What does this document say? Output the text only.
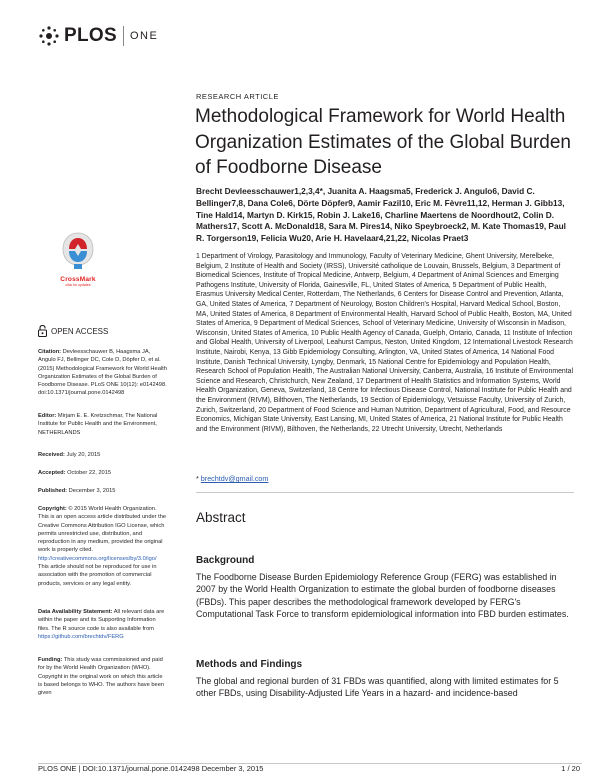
PLOS ONE
CrossMark
click for updates
RESEARCH ARTICLE
Methodological Framework for World Health Organization Estimates of the Global Burden of Foodborne Disease
Brecht Devleesschauwer1,2,3,4*, Juanita A. Haagsma5, Frederick J. Angulo6, David C. Bellinger7,8, Dana Cole6, Dörte Döpfer9, Aamir Fazil10, Eric M. Fèvre11,12, Herman J. Gibb13, Tine Hald14, Martyn D. Kirk15, Robin J. Lake16, Charline Maertens de Noordhout2, Colin D. Mathers17, Scott A. McDonald18, Sara M. Pires14, Niko Speybroeck2, M. Kate Thomas19, Paul R. Torgerson19, Felicia Wu20, Arie H. Havelaar4,21,22, Nicolas Praet3
1 Department of Virology, Parasitology and Immunology, Faculty of Veterinary Medicine, Ghent University, Merelbeke, Belgium, 2 Institute of Health and Society (IRSS), Université catholique de Louvain, Brussels, Belgium, 3 Department of Biomedical Sciences, Institute of Tropical Medicine, Antwerp, Belgium, 4 Department of Animal Sciences and Emerging Pathogens Institute, University of Florida, Gainesville, FL, United States of America, 5 Department of Public Health, Erasmus University Medical Center, Rotterdam, The Netherlands, 6 Centers for Disease Control and Prevention, Atlanta, GA, United States of America, 7 Department of Neurology, Boston Children's Hospital, Harvard Medical School, Boston, MA, United States of America, 8 Department of Environmental Health, Harvard School of Public Health, Boston, MA, United States of America, 9 Department of Medical Sciences, School of Veterinary Medicine, University of Wisconsin in Madison, Wisconsin, United States of America, 10 Public Health Agency of Canada, Guelph, Ontario, Canada, 11 Institute of Infection and Global Health, University of Liverpool, Leahurst Campus, Neston, United Kingdom, 12 International Livestock Research Institute, Nairobi, Kenya, 13 Gibb Epidemiology Consulting, Arlington, VA, United States of America, 14 National Food Institute, Danish Technical University, Lyngby, Denmark, 15 National Centre for Epidemiology and Population Health, Research School of Population Health, The Australian National University, Canberra, Australia, 16 Institute of Environmental Science and Research, Christchurch, New Zealand, 17 Department of Health Statistics and Information Systems, World Health Organization, Geneva, Switzerland, 18 Centre for Infectious Disease Control, National Institute for Public Health and the Environment (RIVM), Bilthoven, The Netherlands, 19 Section of Epidemiology, Vetsuisse Faculty, University of Zurich, Zurich, Switzerland, 20 Department of Food Science and Human Nutrition, Department of Agricultural, Food, and Resource Economics, Michigan State University, East Lansing, MI, United States of America, 21 National Institute for Public Health and the Environment (RIVM), Bilthoven, the Netherlands, 22 Utrecht University, Utrecht, Netherlands
* brechtdv@gmail.com
Abstract
Background
The Foodborne Disease Burden Epidemiology Reference Group (FERG) was established in 2007 by the World Health Organization to estimate the global burden of foodborne diseases (FBDs). This paper describes the methodological framework developed by FERG's Computational Task Force to transform epidemiological information into FBD burden estimates.
Methods and Findings
The global and regional burden of 31 FBDs was quantified, along with limited estimates for 5 other FBDs, using Disability-Adjusted Life Years in a hazard- and incidence-based
OPEN ACCESS
Citation: Devleesschauwer B, Haagsma JA, Angulo FJ, Bellinger DC, Cole D, Döpfer D, et al. (2015) Methodological Framework for World Health Organization Estimates of the Global Burden of Foodborne Disease. PLoS ONE 10(12): e0142498. doi:10.1371/journal.pone.0142498
Editor: Mirjam E. E. Kretzschmar, The National Institute for Public Health and the Environment, NETHERLANDS
Received: July 20, 2015
Accepted: October 22, 2015
Published: December 3, 2015
Copyright: © 2015 World Health Organization. This is an open access article distributed under the Creative Commons Attribution IGO License, which permits unrestricted use, distribution, and reproduction in any medium, provided the original work is properly cited. http://creativecommons.org/licenses/by/3.0/igo/ This article should not be reproduced for use in association with the promotion of commercial products, services or any legal entity.
Data Availability Statement: All relevant data are within the paper and its Supporting Information files. The R source code is also available from https://github.com/brechtdv/FERG
Funding: This study was commissioned and paid for by the World Health Organization (WHO). Copyright in the original work on which this article is based belongs to WHO. The authors have been given
PLOS ONE | DOI:10.1371/journal.pone.0142498 December 3, 2015	1 / 20
